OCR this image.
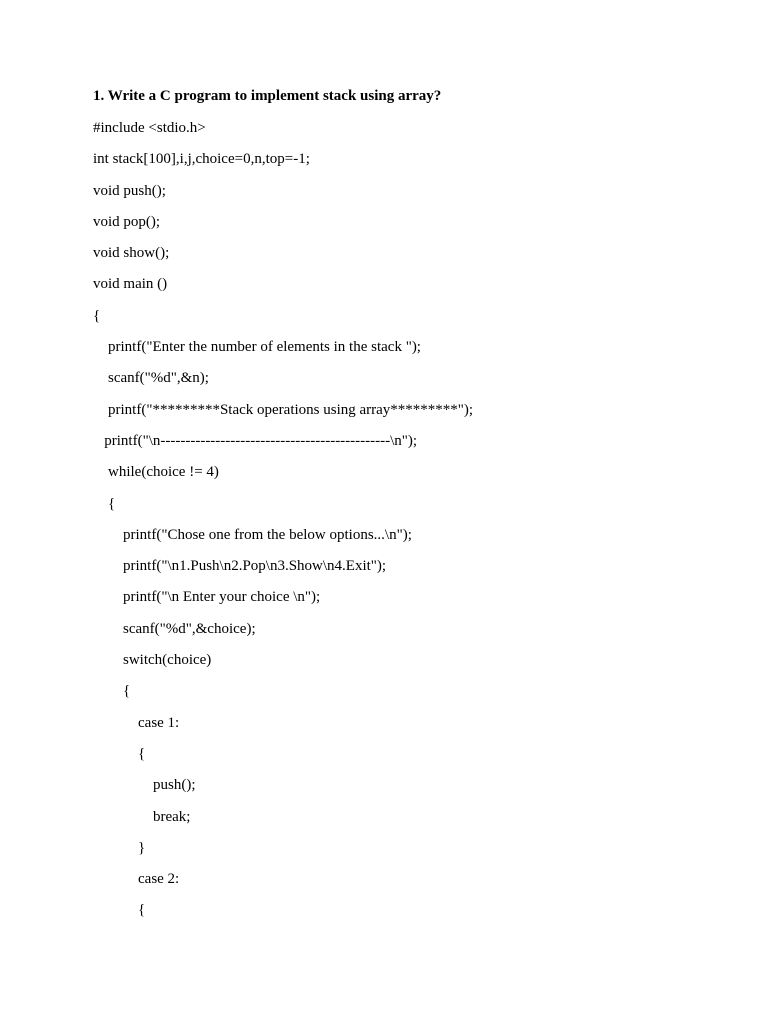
1. Write a C program to implement stack using array?
#include <stdio.h>
int stack[100],i,j,choice=0,n,top=-1;
void push();
void pop();
void show();
void main ()
{
printf("Enter the number of elements in the stack ");
scanf("%d",&n);
printf("*********Stack operations using array*********");
printf("\n----------------------------------------------\n");
while(choice != 4)
{
printf("Chose one from the below options...\n");
printf("\n1.Push\n2.Pop\n3.Show\n4.Exit");
printf("\n Enter your choice \n");
scanf("%d",&choice);
switch(choice)
{
case 1:
{
push();
break;
}
case 2:
{
